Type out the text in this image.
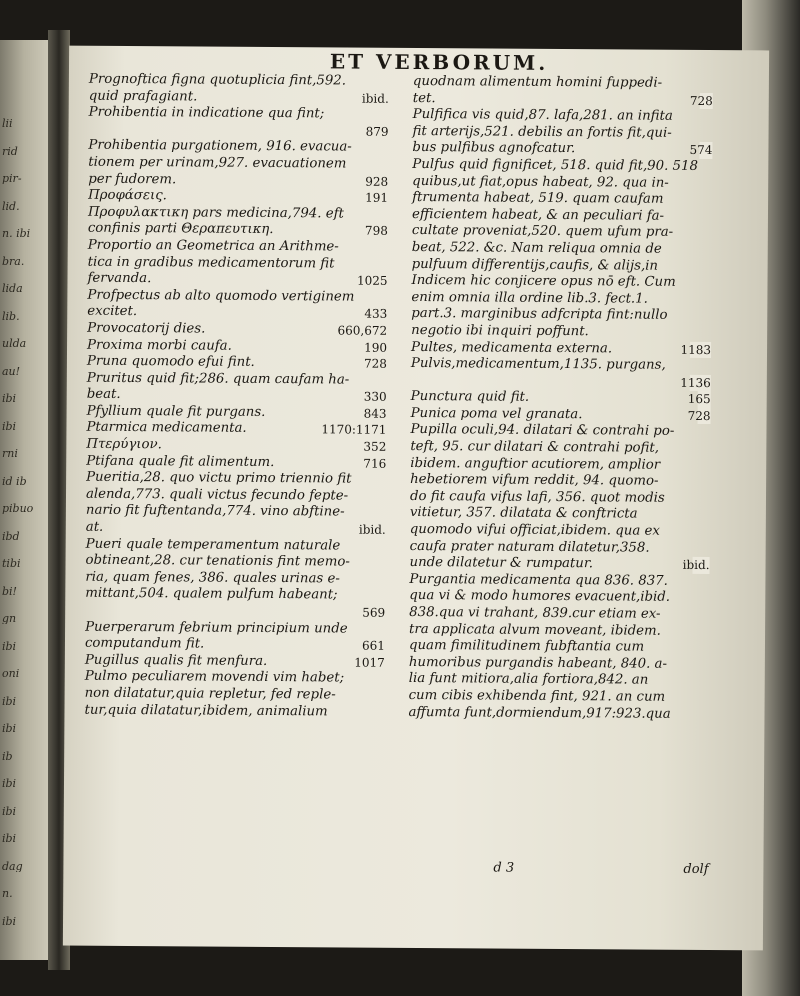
lii
rid
pir-
lid.
n. ibi
bra.
lida
lib.
ulda
au!
ibi
ibi
rni
id ib
pibuo
ibd
tibi
bi!
gn
ibi
oni
ibi
ibi
ib
ibi
ibi
ibi
dag
n.
ibi
ET VERBORUM.

Prognoftica figna quotuplicia fint,592.

quid prafagiant.	ibid.

Prohibentia in indicatione qua fint;

879

Prohibentia purgationem, 916. evacua-

tionem per urinam,927. evacuationem

per fudorem.	928

Προφάσεις.	191

Προφυλακτικη pars medicina,794. eft

confinis parti Θεραπευτικη.	798

Proportio an Geometrica an Arithme-

tica in gradibus medicamentorum fit

fervanda.	1025

Profpectus ab alto quomodo vertiginem

excitet.	433

Provocatorij dies.	660,672

Proxima morbi caufa.	190

Pruna quomodo efui fint.	728

Pruritus quid fit;286. quam caufam ha-

beat.	330

Pfyllium quale fit purgans.	843

Ptarmica medicamenta.	1170:1171

Πτερύγιον.	352

Ptifana quale fit alimentum.	716

Pueritia,28. quo victu primo triennio fit

alenda,773. quali victus fecundo fepte-

nario fit fuftentanda,774. vino abftine-

at.	ibid.

Pueri quale temperamentum naturale

obtineant,28. cur tenationis fint memo-

ria, quam fenes, 386. quales urinas e-

mittant,504. qualem pulfum habeant;

569

Puerperarum febrium principium unde

computandum fit.	661

Pugillus qualis fit menfura.	1017

Pulmo peculiarem movendi vim habet;

non dilatatur,quia repletur, fed reple-

tur,quia dilatatur,ibidem, animalium

quodnam alimentum homini fuppedi-

tet.	728

Pulfifica vis quid,87. lafa,281. an infita

fit arterijs,521. debilis an fortis fit,qui-

bus pulfibus agnofcatur.	574

Pulfus quid fignificet, 518. quid fit,90. 518

quibus,ut fiat,opus habeat, 92. qua in-

ftrumenta habeat, 519. quam caufam

efficientem habeat, & an peculiari fa-

cultate proveniat,520. quem ufum pra-

beat, 522. &c. Nam reliqua omnia de

pulfuum differentijs,caufis, & alijs,in

Indicem hic conjicere opus nō eft. Cum

enim omnia illa ordine lib.3. fect.1.

part.3. marginibus adfcripta fint:nullo

negotio ibi inquiri poffunt.

Pultes, medicamenta externa.	1183

Pulvis,medicamentum,1135. purgans,

1136

Punctura quid fit.	165

Punica poma vel granata.	728

Pupilla oculi,94. dilatari & contrahi po-

teft, 95. cur dilatari & contrahi pofit,

ibidem. anguftior acutiorem, amplior

hebetiorem vifum reddit, 94. quomo-

do fit caufa vifus lafi, 356. quot modis

vitietur, 357. dilatata & conftricta

quomodo vifui officiat,ibidem. qua ex

caufa prater naturam dilatetur,358.

unde dilatetur & rumpatur.	ibid.

Purgantia medicamenta qua 836. 837.

qua vi & modo humores evacuent,ibid.

838.qua vi trahant, 839.cur etiam ex-

tra applicata alvum moveant, ibidem.

quam fimilitudinem fubftantia cum

humoribus purgandis habeant, 840. a-

lia funt mitiora,alia fortiora,842. an

cum cibis exhibenda fint, 921. an cum

affumta funt,dormiendum,917:923.qua

d 3	dolf
